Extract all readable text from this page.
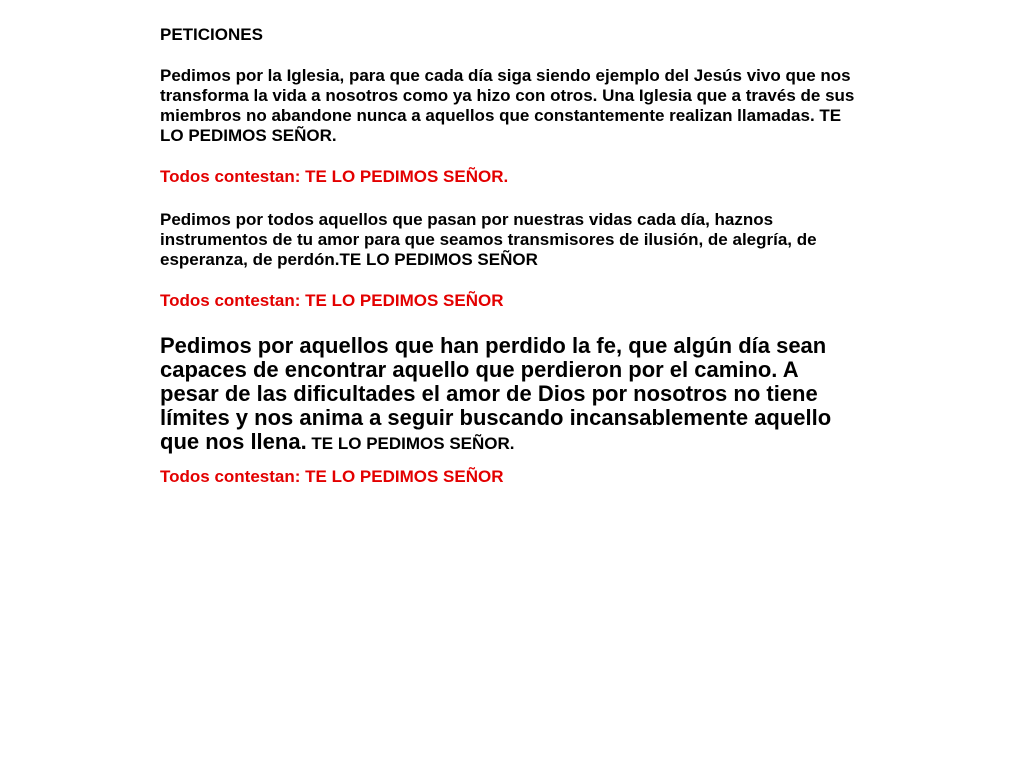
PETICIONES
Pedimos por la Iglesia, para que cada día siga siendo ejemplo del Jesús vivo que nos transforma la vida a nosotros como ya hizo con otros. Una Iglesia que a través de sus miembros no abandone nunca a aquellos que constantemente realizan llamadas. TE LO PEDIMOS SEÑOR.
Todos contestan: TE LO PEDIMOS SEÑOR.
Pedimos por todos aquellos que pasan por nuestras vidas cada día, haznos instrumentos de tu amor para que seamos transmisores de ilusión, de alegría, de esperanza, de perdón.TE LO PEDIMOS SEÑOR
Todos contestan: TE LO PEDIMOS SEÑOR
Pedimos por aquellos que han perdido la fe, que algún día sean capaces de encontrar aquello que perdieron por el camino. A pesar de las dificultades el amor de Dios por nosotros no tiene límites y nos anima a seguir buscando incansablemente aquello que nos llena. TE LO PEDIMOS SEÑOR.
Todos contestan: TE LO PEDIMOS SEÑOR
